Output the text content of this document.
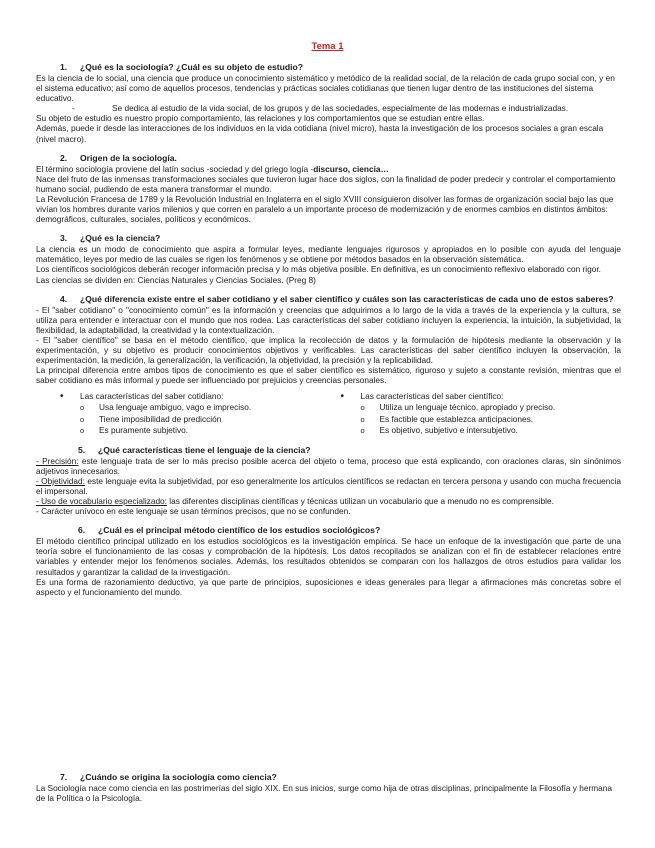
Tema 1
1. ¿Qué es la sociología? ¿Cuál es su objeto de estudio?

Es la ciencia de lo social, una ciencia que produce un conocimiento sistemático y metódico de la realidad social, de la relación de cada grupo social con, y en el sistema educativo; así como de aquellos procesos, tendencias y prácticas sociales cotidianas que tienen lugar dentro de las instituciones del sistema educativo.

-	Se dedica al estudio de la vida social, de los grupos y de las sociedades, especialmente de las modernas e industrializadas.

Su objeto de estudio es nuestro propio comportamiento, las relaciones y los comportamientos que se estudian entre ellas.

Además, puede ir desde las interacciones de los individuos en la vida cotidiana (nivel micro), hasta la investigación de los procesos sociales a gran escala (nivel macro).

2. Origen de la sociología.

El término sociología proviene del latín socius -sociedad y del griego logía -discurso, ciencia…

Nace del fruto de las inmensas transformaciones sociales que tuvieron lugar hace dos siglos, con la finalidad de poder predecir y controlar el comportamiento humano social, pudiendo de esta manera transformar el mundo.

La Revolución Francesa de 1789 y la Revolución Industrial en Inglaterra en el siglo XVIII consiguieron disolver las formas de organización social bajo las que vivían los hombres durante varios milenios y que corren en paralelo a un importante proceso de modernización y de enormes cambios en distintos ámbitos: demográficos, culturales, sociales, políticos y económicos.

3. ¿Qué es la ciencia?

La ciencia es un modo de conocimiento que aspira a formular leyes, mediante lenguajes rigurosos y apropiados en lo posible con ayuda del lenguaje matemático, leyes por medio de las cuales se rigen los fenómenos y se obtiene por métodos basados en la observación sistemática.

Los científicos sociológicos deberán recoger información precisa y lo más objetiva posible. En definitiva, es un conocimiento reflexivo elaborado con rigor.

Las ciencias se dividen en: Ciencias Naturales y Ciencias Sociales. (Preg 8)

4.	¿Qué diferencia existe entre el saber cotidiano y el saber científico y cuáles son las características de cada uno de estos saberes?

- El "saber cotidiano" o "conocimiento común" es la información y creencias que adquirimos a lo largo de la vida a través de la experiencia y la cultura, se utiliza para entender e interactuar con el mundo que nos rodea. Las características del saber cotidiano incluyen la experiencia, la intuición, la subjetividad, la flexibilidad, la adaptabilidad, la creatividad y la contextualización.

- El "saber científico" se basa en el método científico, que implica la recolección de datos y la formulación de hipótesis mediante la observación y la experimentación, y su objetivo es producir conocimientos objetivos y verificables. Las características del saber científico incluyen la observación, la experimentación, la medición, la generalización, la verificación, la objetividad, la precisión y la replicabilidad.

La principal diferencia entre ambos tipos de conocimiento es que el saber científico es sistemático, riguroso y sujeto a constante revisión, mientras que el saber cotidiano es más informal y puede ser influenciado por prejuicios y creencias personales.

•
Las características del saber cotidiano:
o
Usa lenguaje ambiguo, vago e impreciso.
o
Tiene imposibilidad de predicción
o
Es puramente subjetivo.
•
Las características del saber científico:
o
Utiliza un lenguaje técnico, apropiado y preciso.
o
Es factible que establezca anticipaciones.
o
Es objetivo, subjetivo e intersubjetivo.
5. ¿Qué características tiene el lenguaje de la ciencia?

- Precisión: este lenguaje trata de ser lo más preciso posible acerca del objeto o tema, proceso que está explicando, con oraciones claras, sin sinónimos adjetivos innecesarios.

- Objetividad: este lenguaje evita la subjetividad, por eso generalmente los artículos científicos se redactan en tercera persona y usando con mucha frecuencia el impersonal.

- Uso de vocabulario especializado: las diferentes disciplinas científicas y técnicas utilizan un vocabulario que a menudo no es comprensible.

- Carácter unívoco en este lenguaje se usan términos precisos, que no se confunden.

6. ¿Cuál es el principal método científico de los estudios sociológicos?

El método científico principal utilizado en los estudios sociológicos es la investigación empírica. Se hace un enfoque de la investigación que parte de una teoría sobre el funcionamiento de las cosas y comprobación de la hipótesis. Los datos recopilados se analizan con el fin de establecer relaciones entre variables y entender mejor los fenómenos sociales. Además, los resultados obtenidos se comparan con los hallazgos de otros estudios para validar los resultados y garantizar la calidad de la investigación.

Es una forma de razonamiento deductivo, ya que parte de principios, suposiciones e ideas generales para llegar a afirmaciones más concretas sobre el aspecto y el funcionamiento del mundo.

7. ¿Cuándo se origina la sociología como ciencia?

La Sociología nace como ciencia en las postrimerías del siglo XIX. En sus inicios, surge como hija de otras disciplinas, principalmente la Filosofía y hermana de la Política o la Psicología.
